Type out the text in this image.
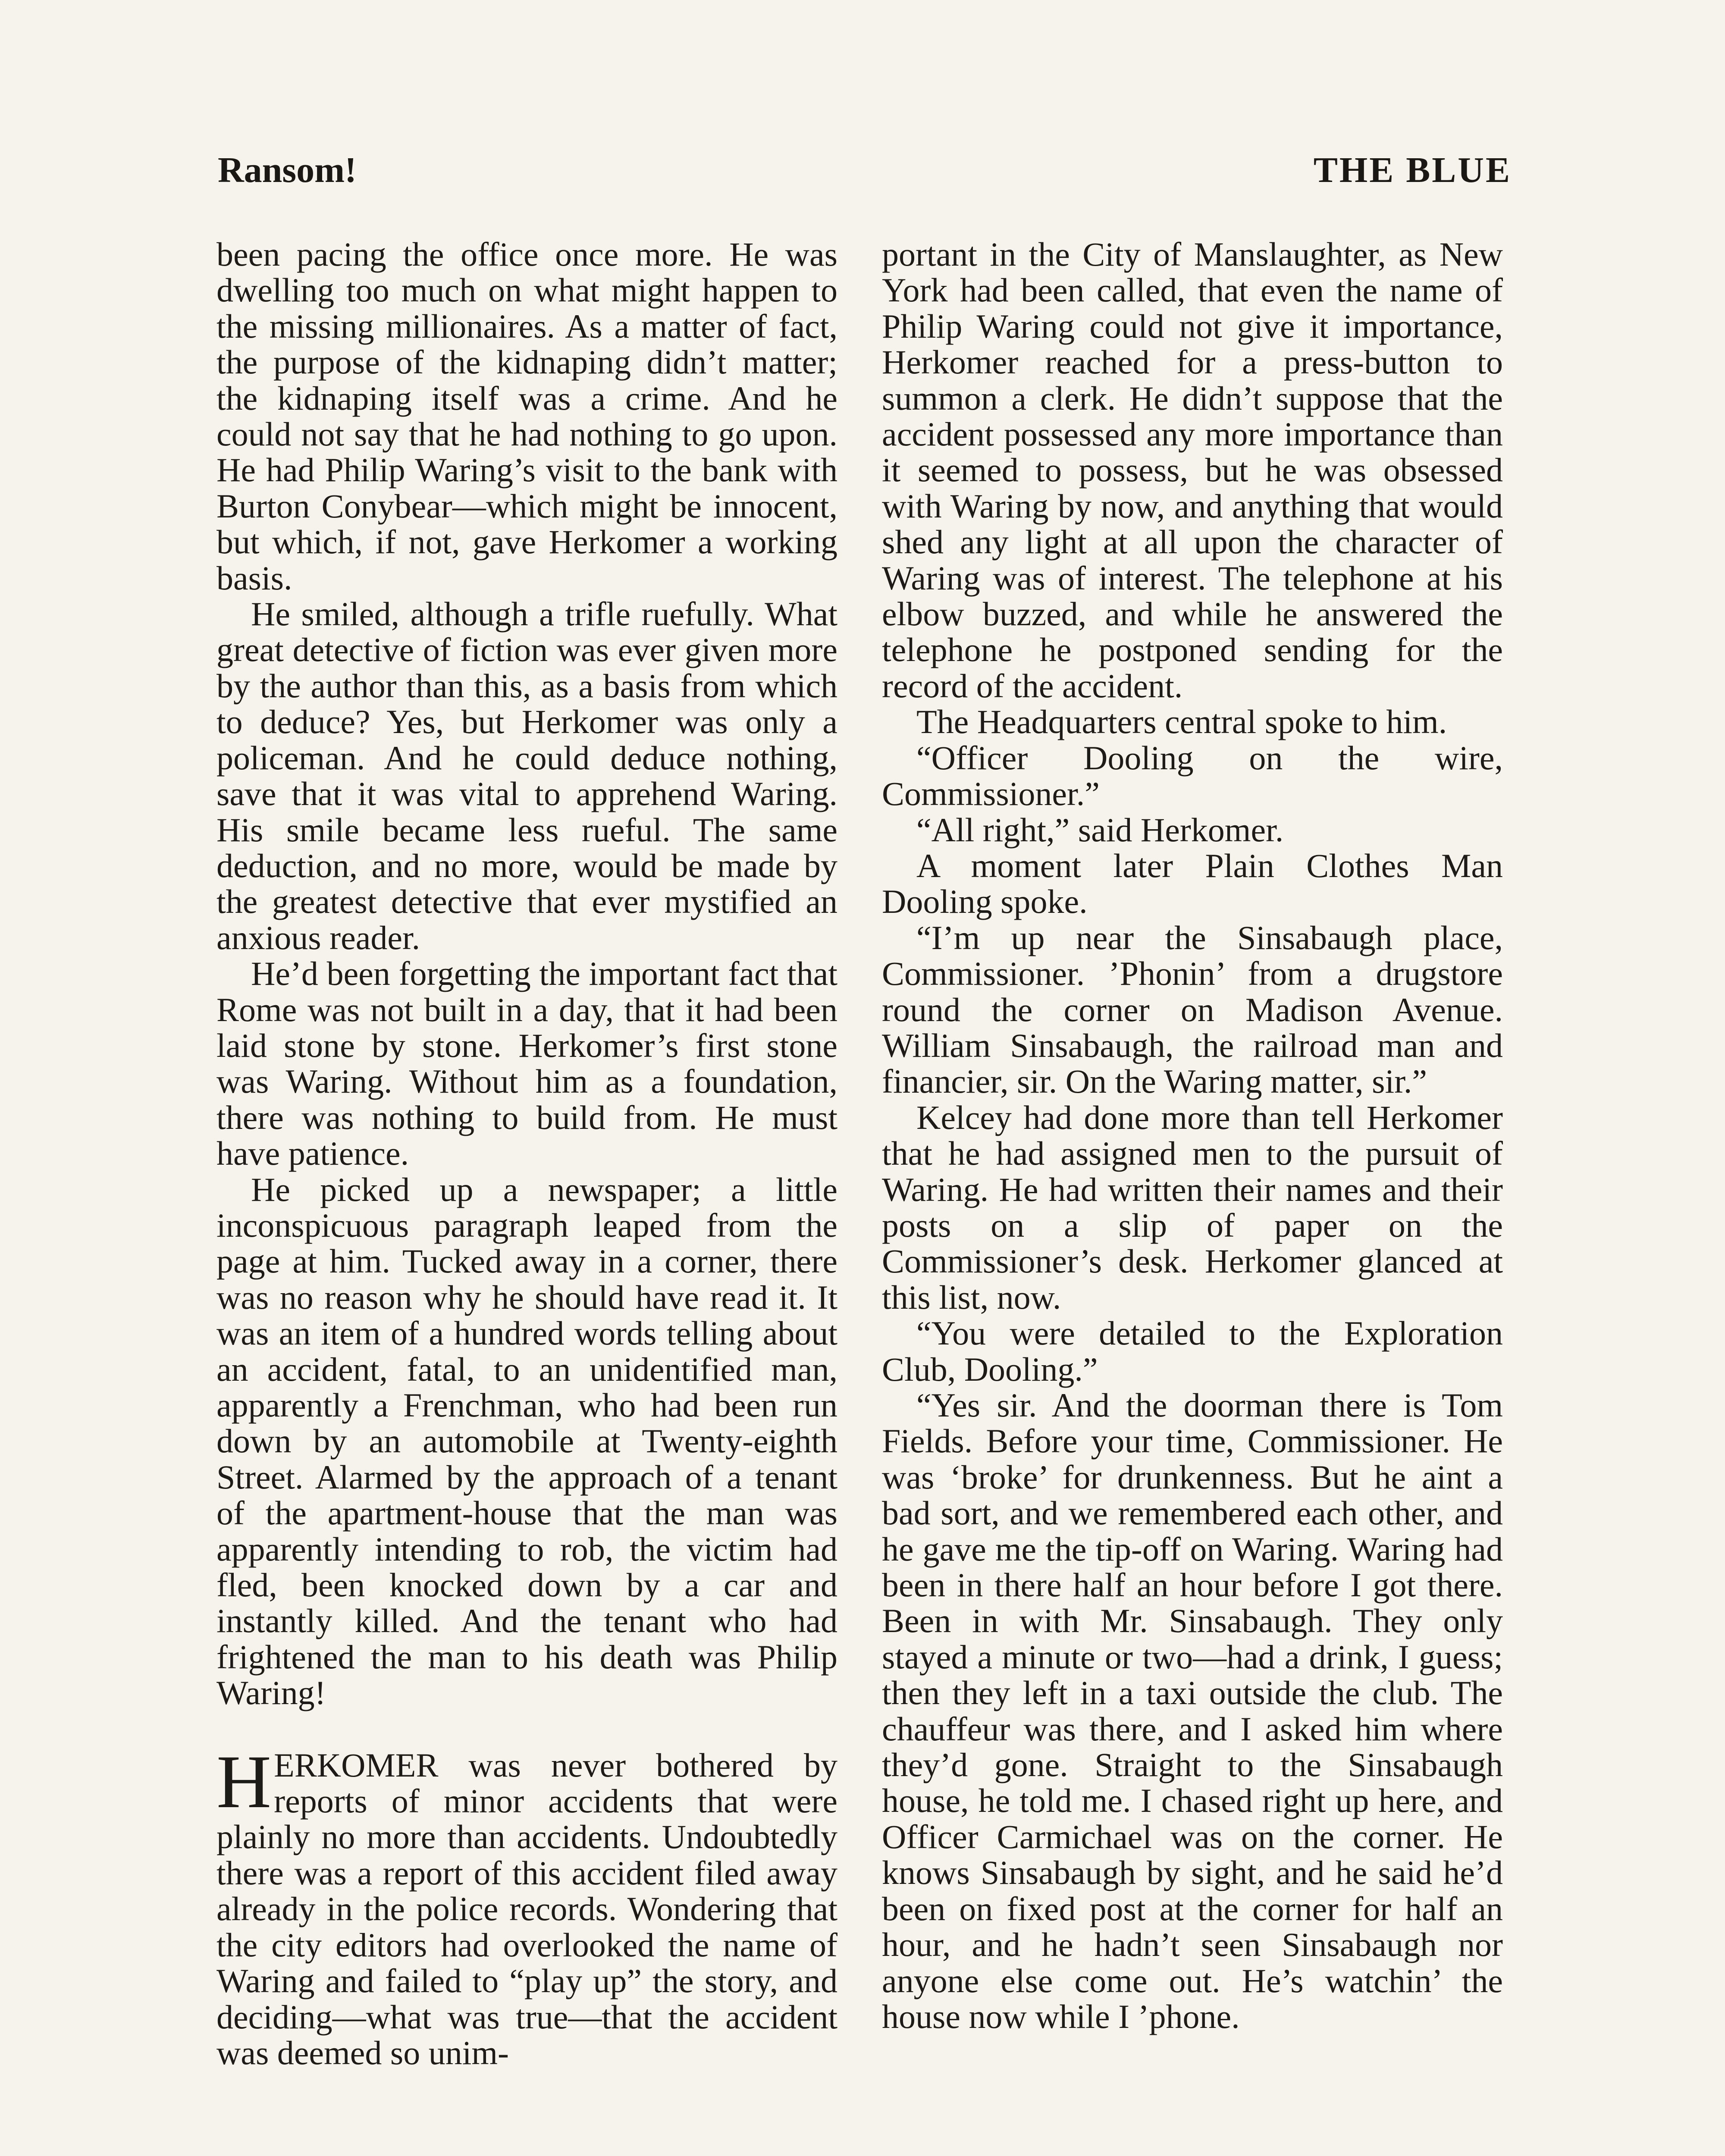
Ransom!	THE BLUE

been pacing the office once more. He was dwelling too much on what might happen to the missing millionaires. As a matter of fact, the purpose of the kidnaping didn’t matter; the kidnaping itself was a crime. And he could not say that he had nothing to go upon. He had Philip Waring’s visit to the bank with Burton Conybear—which might be innocent, but which, if not, gave Herkomer a working basis.

He smiled, although a trifle ruefully. What great detective of fiction was ever given more by the author than this, as a basis from which to deduce? Yes, but Herkomer was only a policeman. And he could deduce nothing, save that it was vital to apprehend Waring. His smile became less rueful. The same deduction, and no more, would be made by the greatest detective that ever mystified an anxious reader.

He’d been forgetting the important fact that Rome was not built in a day, that it had been laid stone by stone. Herkomer’s first stone was Waring. Without him as a foundation, there was nothing to build from. He must have patience.

He picked up a newspaper; a little inconspicuous paragraph leaped from the page at him. Tucked away in a corner, there was no reason why he should have read it. It was an item of a hundred words telling about an accident, fatal, to an unidentified man, apparently a Frenchman, who had been run down by an automobile at Twenty-eighth Street. Alarmed by the approach of a tenant of the apartment-house that the man was apparently intending to rob, the victim had fled, been knocked down by a car and instantly killed. And the tenant who had frightened the man to his death was Philip Waring!

HERKOMER was never bothered by reports of minor accidents that were plainly no more than accidents. Undoubtedly there was a report of this accident filed away already in the police records. Wondering that the city editors had overlooked the name of Waring and failed to “play up” the story, and deciding—what was true—that the accident was deemed so unim-

portant in the City of Manslaughter, as New York had been called, that even the name of Philip Waring could not give it importance, Herkomer reached for a press-button to summon a clerk. He didn’t suppose that the accident possessed any more importance than it seemed to possess, but he was obsessed with Waring by now, and anything that would shed any light at all upon the character of Waring was of interest. The telephone at his elbow buzzed, and while he answered the telephone he postponed sending for the record of the accident.

The Headquarters central spoke to him.

“Officer Dooling on the wire, Commissioner.”

“All right,” said Herkomer.

A moment later Plain Clothes Man Dooling spoke.

“I’m up near the Sinsabaugh place, Commissioner. ’Phonin’ from a drugstore round the corner on Madison Avenue. William Sinsabaugh, the railroad man and financier, sir. On the Waring matter, sir.”

Kelcey had done more than tell Herkomer that he had assigned men to the pursuit of Waring. He had written their names and their posts on a slip of paper on the Commissioner’s desk. Herkomer glanced at this list, now.

“You were detailed to the Exploration Club, Dooling.”

“Yes sir. And the doorman there is Tom Fields. Before your time, Commissioner. He was ‘broke’ for drunkenness. But he aint a bad sort, and we remembered each other, and he gave me the tip-off on Waring. Waring had been in there half an hour before I got there. Been in with Mr. Sinsabaugh. They only stayed a minute or two—had a drink, I guess; then they left in a taxi outside the club. The chauffeur was there, and I asked him where they’d gone. Straight to the Sinsabaugh house, he told me. I chased right up here, and Officer Carmichael was on the corner. He knows Sinsabaugh by sight, and he said he’d been on fixed post at the corner for half an hour, and he hadn’t seen Sinsabaugh nor anyone else come out. He’s watchin’ the house now while I ’phone.
